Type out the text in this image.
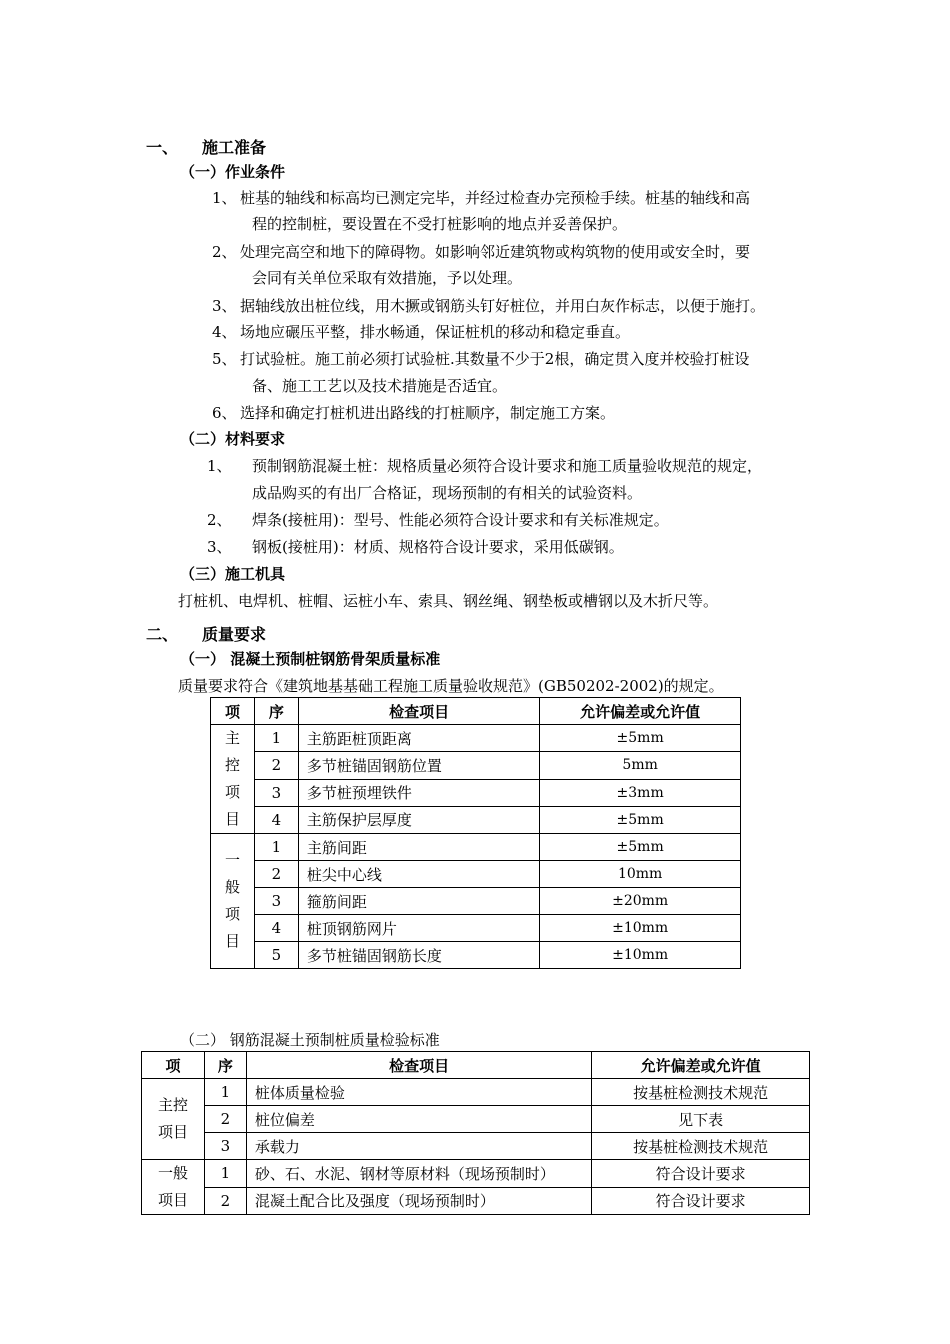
一、 施工准备
（一）作业条件
1、 桩基的轴线和标高均已测定完毕，并经过检查办完预检手续。桩基的轴线和高
程的控制桩，要设置在不受打桩影响的地点并妥善保护。
2、 处理完高空和地下的障碍物。如影响邻近建筑物或构筑物的使用或安全时，要
会同有关单位采取有效措施，予以处理。
3、 据轴线放出桩位线，用木撅或钢筋头钉好桩位，并用白灰作标志，以便于施打。
4、 场地应碾压平整，排水畅通，保证桩机的移动和稳定垂直。
5、 打试验桩。施工前必须打试验桩.其数量不少于2根，确定贯入度并校验打桩设
备、施工工艺以及技术措施是否适宜。
6、 选择和确定打桩机进出路线的打桩顺序，制定施工方案。
（二）材料要求
1、 预制钢筋混凝土桩：规格质量必须符合设计要求和施工质量验收规范的规定，
成品购买的有出厂合格证，现场预制的有相关的试验资料。
2、 焊条(接桩用)：型号、性能必须符合设计要求和有关标准规定。
3、 钢板(接桩用)：材质、规格符合设计要求，采用低碳钢。
（三）施工机具
打桩机、电焊机、桩帽、运桩小车、索具、钢丝绳、钢垫板或槽钢以及木折尺等。
二、 质量要求
（一） 混凝土预制桩钢筋骨架质量标准
质量要求符合《建筑地基基础工程施工质量验收规范》(GB50202-2002)的规定。
项	序	检查项目	允许偏差或允许值

主
控
项
目	1	主筋距桩顶距离	±5mm
	2	多节桩锚固钢筋位置	5mm
	3	多节桩预埋铁件	±3mm
	4	主筋保护层厚度	±5mm

一
般
项
目	1	主筋间距	±5mm
	2	桩尖中心线	10mm
	3	箍筋间距	±20mm
	4	桩顶钢筋网片	±10mm
	5	多节桩锚固钢筋长度	±10mm
（二） 钢筋混凝土预制桩质量检验标准
项	序	检查项目	允许偏差或允许值

主控
项目	1	桩体质量检验	按基桩检测技术规范
	2	桩位偏差	见下表
	3	承载力	按基桩检测技术规范

一般
项目	1	砂、石、水泥、钢材等原材料（现场预制时）	符合设计要求
	2	混凝土配合比及强度（现场预制时）	符合设计要求
